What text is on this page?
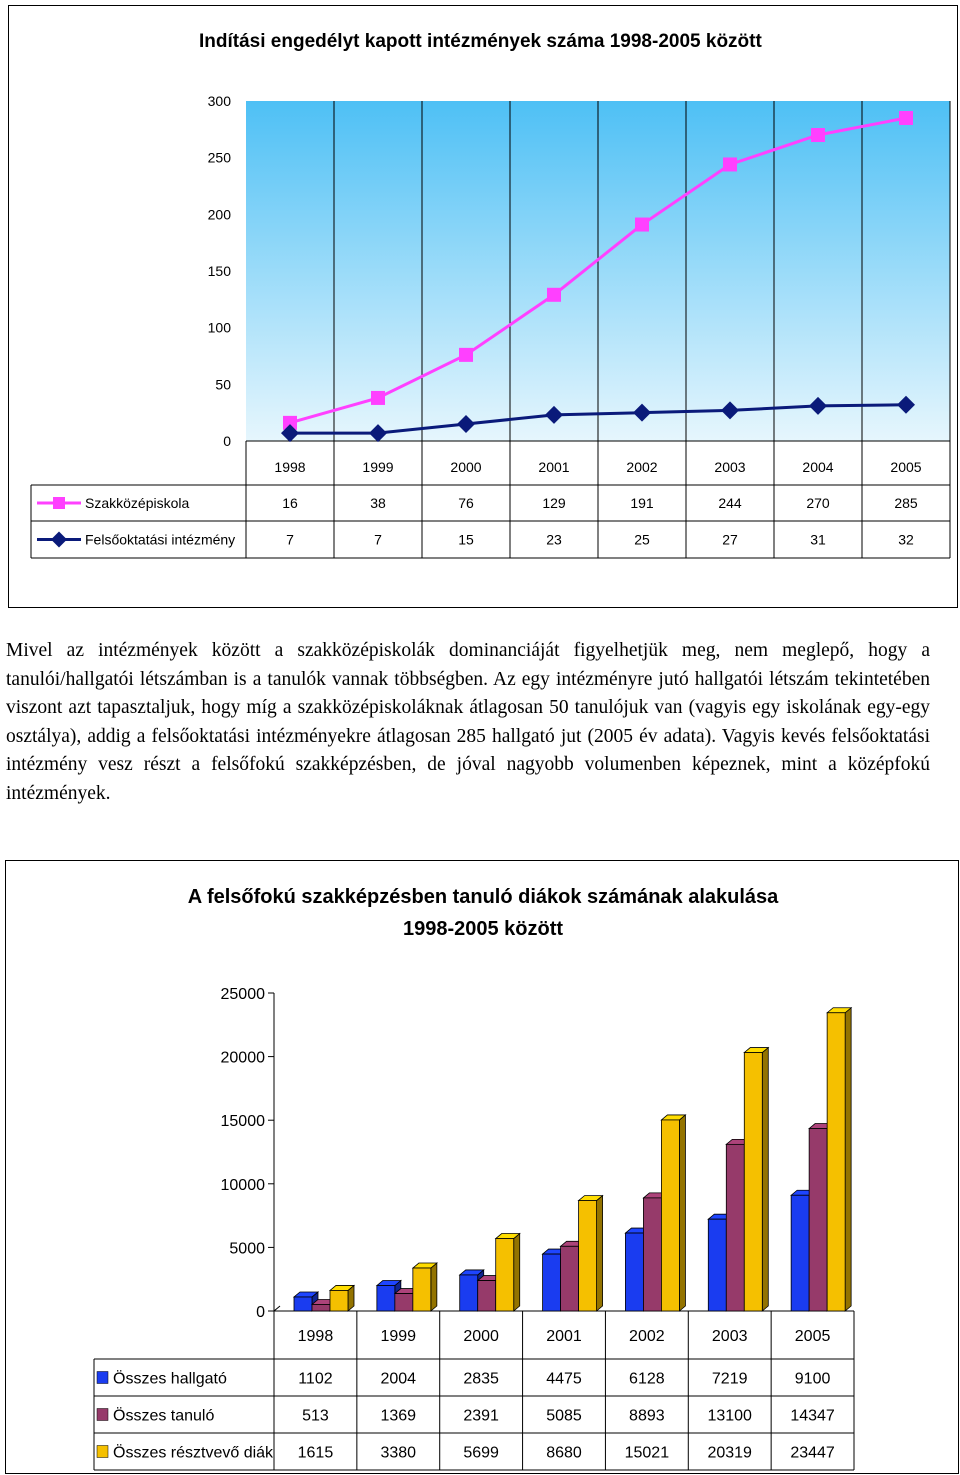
Indítási engedélyt kapott intézmények száma 1998-2005 között
0
50
100
150
200
250
300
1998	1999	2000	2001	2002	2003	2004	2005
Szakközépiskola	16	38	76	129	191	244	270	285
Felsőoktatási intézmény	7	7	15	23	25	27	31	32
Mivel az intézmények között a szakközépiskolák dominanciáját figyelhetjük meg, nem meglepő, hogy a tanulói/hallgatói létszámban is a tanulók vannak többségben. Az egy intézményre jutó hallgatói létszám tekintetében viszont azt tapasztaljuk, hogy míg a szakközépiskoláknak átlagosan 50 tanulójuk van (vagyis egy iskolának egy-egy osztálya), addig a felsőoktatási intézményekre átlagosan 285 hallgató jut (2005 év adata). Vagyis kevés felsőoktatási intézmény vesz részt a felsőfokú szakképzésben, de jóval nagyobb volumenben képeznek, mint a középfokú intézmények.
A felsőfokú szakképzésben tanuló diákok számának alakulása
1998-2005 között
0
5000
10000
15000
20000
25000
1998	1999	2000	2001	2002	2003	2005
Összes hallgató	1102	2004	2835	4475	6128	7219	9100
Összes tanuló	513	1369	2391	5085	8893	13100 14347
Összes résztvevő diák 1615	3380	5699	8680	15021 20319 23447
